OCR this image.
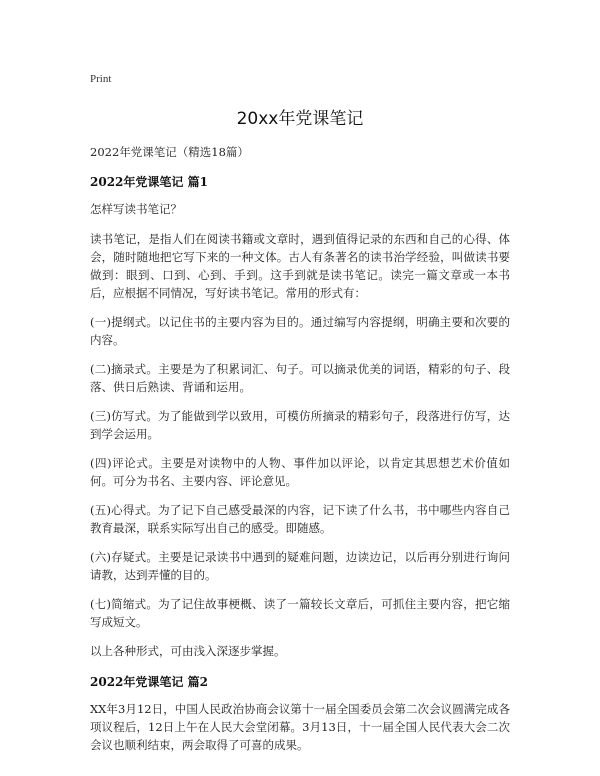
Print

20xx年党课笔记

2022年党课笔记（精选18篇）

2022年党课笔记 篇1

怎样写读书笔记？

读书笔记，是指人们在阅读书籍或文章时，遇到值得记录的东西和自己的心得、体会，随时随地把它写下来的一种文体。古人有条著名的读书治学经验，叫做读书要做到：眼到、口到、心到、手到。这手到就是读书笔记。读完一篇文章或一本书后，应根据不同情况，写好读书笔记。常用的形式有：

(一)提纲式。以记住书的主要内容为目的。通过编写内容提纲，明确主要和次要的内容。

(二)摘录式。主要是为了积累词汇、句子。可以摘录优美的词语，精彩的句子、段落、供日后熟读、背诵和运用。

(三)仿写式。为了能做到学以致用，可模仿所摘录的精彩句子，段落进行仿写，达到学会运用。

(四)评论式。主要是对读物中的人物、事件加以评论，以肯定其思想艺术价值如何。可分为书名、主要内容、评论意见。

(五)心得式。为了记下自己感受最深的内容，记下读了什么书，书中哪些内容自己教育最深，联系实际写出自己的感受。即随感。

(六)存疑式。主要是记录读书中遇到的疑难问题，边读边记，以后再分别进行询问请教，达到弄懂的目的。

(七)简缩式。为了记住故事梗概、读了一篇较长文章后，可抓住主要内容，把它缩写成短文。

以上各种形式，可由浅入深逐步掌握。

2022年党课笔记 篇2

XX年3月12日，中国人民政治协商会议第十一届全国委员会第二次会议圆满完成各项议程后，12日上午在人民大会堂闭幕。3月13日，十一届全国人民代表大会二次会议也顺利结束，两会取得了可喜的成果。
